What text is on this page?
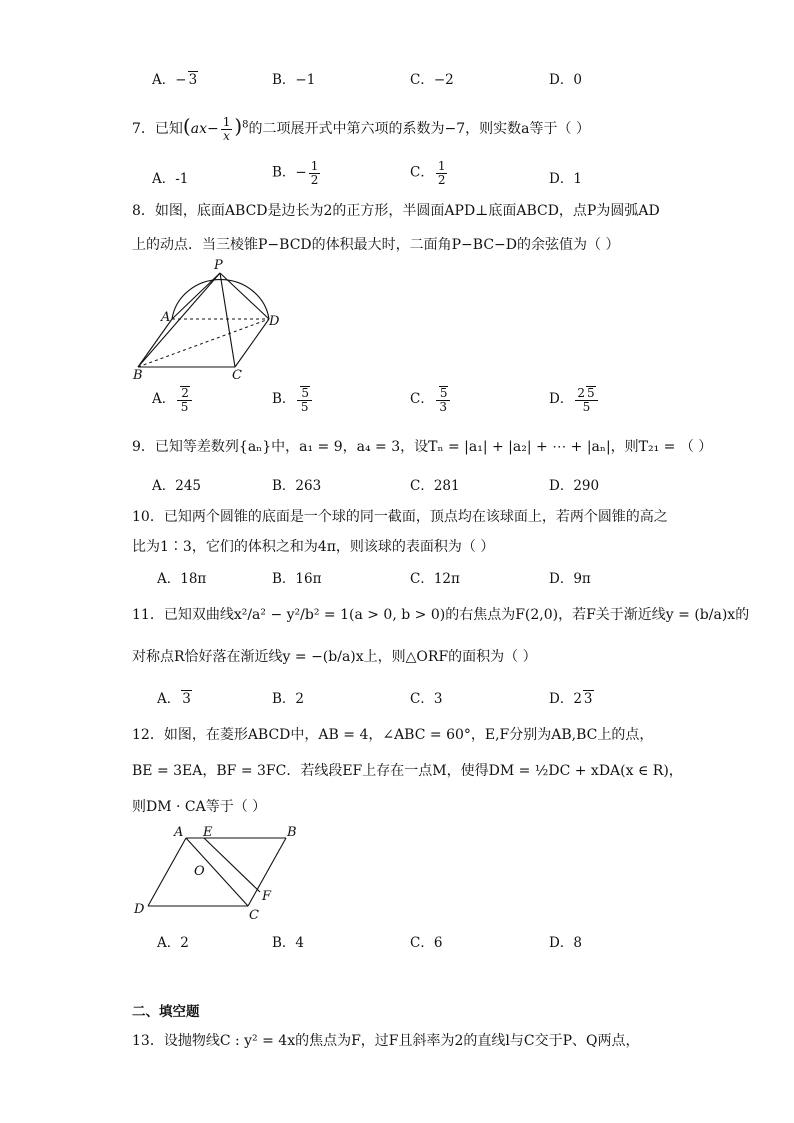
A．− 3	B．−1	C．−2	D．0
7．已知$(ax- \frac{1}{x} )^8$的二项展开式中第六项的系数为−7，则实数a等于（ ）
A．-1	B．− $\frac{1}{2}$	C． $\frac{1}{2}$	D．1
8．如图，底面ABCD是边长为2的正方形，半圆面APD⊥底面ABCD，点P为圆弧AD
上的动点．当三棱锥P−BCD的体积最大时，二面角P−BC−D的余弦值为（ ）
P
A	D
B	C
A． $\frac{2}{5}$	B． $\frac{5}{5}$	C． $\frac{5}{3}$	D． $\frac{2 5}{5}$
9．已知等差数列{aₙ}中，a₁ = 9，a₄ = 3，设Tₙ = |a₁| + |a₂| + ⋯ + |aₙ|，则T₂₁ = （ ）
A．245	B．263	C．281	D．290
10．已知两个圆锥的底面是一个球的同一截面，顶点均在该球面上，若两个圆锥的高之
比为1∶3，它们的体积之和为4π，则该球的表面积为（ ）
A．18π	B．16π	C．12π	D．9π
11．已知双曲线x²/a² − y²/b² = 1(a > 0, b > 0)的右焦点为F(2,0)，若F关于渐近线y = (b/a)x的
对称点R恰好落在渐近线y = −(b/a)x上，则△ORF的面积为（ ）
A． 3	B．2	C．3	D．2 3
12．如图，在菱形ABCD中，AB = 4，∠ABC = 60°，E,F分别为AB,BC上的点，
BE = 3EA，BF = 3FC．若线段EF上存在一点M，使得DM = ½DC + xDA(x ∈ R)，
则DM · CA等于（ ）
A E	B
O
F
D	C
A．2	B．4	C．6	D．8
二、填空题
13．设抛物线C : y² = 4x的焦点为F，过F且斜率为2的直线l与C交于P、Q两点，
